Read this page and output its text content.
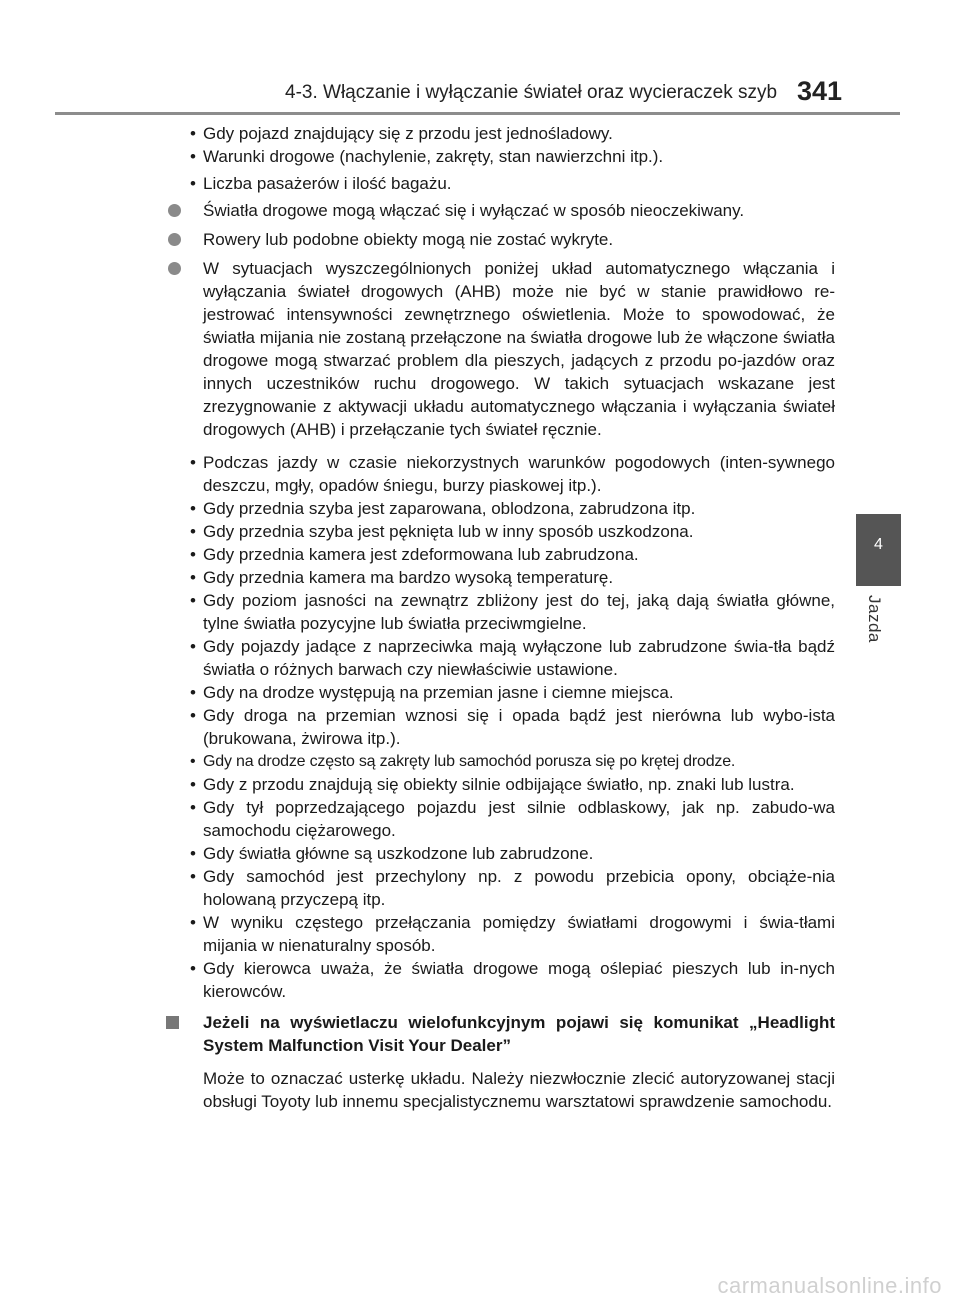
4-3. Włączanie i wyłączanie świateł oraz wycieraczek szyb 341
4
Jazda
• Gdy pojazd znajdujący się z przodu jest jednośladowy.
• Warunki drogowe (nachylenie, zakręty, stan nawierzchni itp.).
• Liczba pasażerów i ilość bagażu.
Światła drogowe mogą włączać się i wyłączać w sposób nieoczekiwany.
Rowery lub podobne obiekty mogą nie zostać wykryte.
W sytuacjach wyszczególnionych poniżej układ automatycznego włączania i wyłączania świateł drogowych (AHB) może nie być w stanie prawidłowo re-jestrować intensywności zewnętrznego oświetlenia. Może to spowodować, że światła mijania nie zostaną przełączone na światła drogowe lub że włączone światła drogowe mogą stwarzać problem dla pieszych, jadących z przodu po-jazdów oraz innych uczestników ruchu drogowego. W takich sytuacjach wskazane jest zrezygnowanie z aktywacji układu automatycznego włączania i wyłączania świateł drogowych (AHB) i przełączanie tych świateł ręcznie.
• Podczas jazdy w czasie niekorzystnych warunków pogodowych (inten-sywnego deszczu, mgły, opadów śniegu, burzy piaskowej itp.).
• Gdy przednia szyba jest zaparowana, oblodzona, zabrudzona itp.
• Gdy przednia szyba jest pęknięta lub w inny sposób uszkodzona.
• Gdy przednia kamera jest zdeformowana lub zabrudzona.
• Gdy przednia kamera ma bardzo wysoką temperaturę.
• Gdy poziom jasności na zewnątrz zbliżony jest do tej, jaką dają światła główne, tylne światła pozycyjne lub światła przeciwmgielne.
• Gdy pojazdy jadące z naprzeciwka mają wyłączone lub zabrudzone świa-tła bądź światła o różnych barwach czy niewłaściwie ustawione.
• Gdy na drodze występują na przemian jasne i ciemne miejsca.
• Gdy droga na przemian wznosi się i opada bądź jest nierówna lub wybo-ista (brukowana, żwirowa itp.).
• Gdy na drodze często są zakręty lub samochód porusza się po krętej drodze.
• Gdy z przodu znajdują się obiekty silnie odbijające światło, np. znaki lub lustra.
• Gdy tył poprzedzającego pojazdu jest silnie odblaskowy, jak np. zabudo-wa samochodu ciężarowego.
• Gdy światła główne są uszkodzone lub zabrudzone.
• Gdy samochód jest przechylony np. z powodu przebicia opony, obciąże-nia holowaną przyczepą itp.
• W wyniku częstego przełączania pomiędzy światłami drogowymi i świa-tłami mijania w nienaturalny sposób.
• Gdy kierowca uważa, że światła drogowe mogą oślepiać pieszych lub in-nych kierowców.
Jeżeli na wyświetlaczu wielofunkcyjnym pojawi się komunikat „Headlight System Malfunction Visit Your Dealer”
Może to oznaczać usterkę układu. Należy niezwłocznie zlecić autoryzowanej stacji obsługi Toyoty lub innemu specjalistycznemu warsztatowi sprawdzenie samochodu.
carmanualsonline.info
